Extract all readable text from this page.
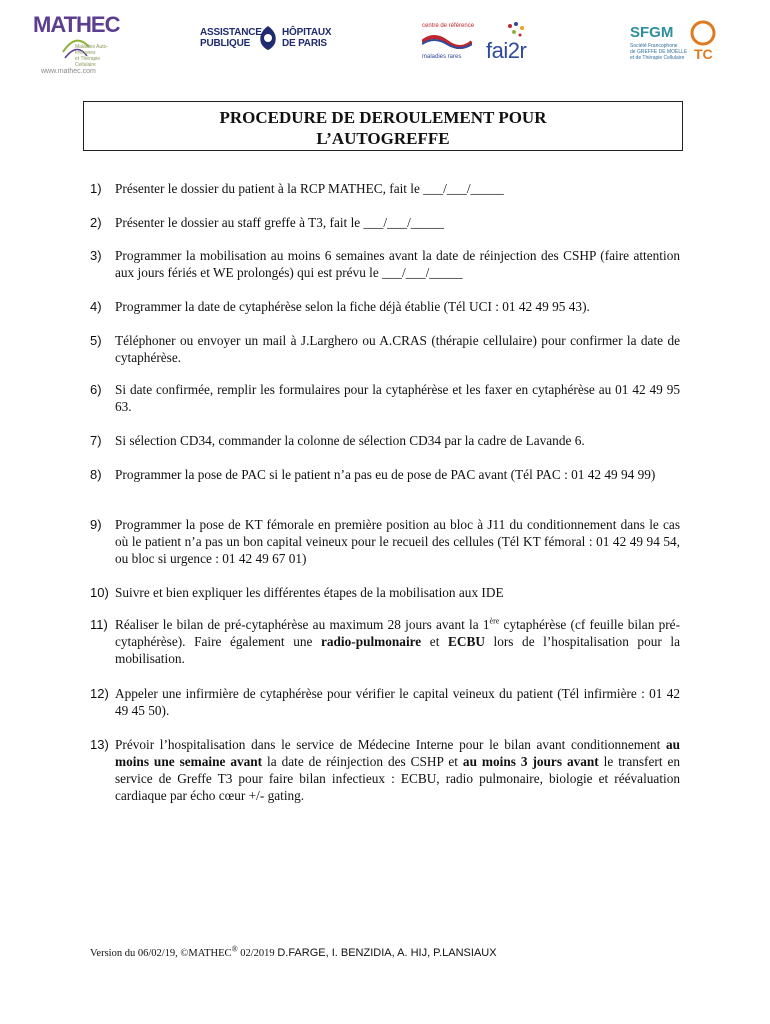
MATHEC
Maladies Auto-Immunes
et Thérapie Cellulaire
www.mathec.com
ASSISTANCE
PUBLIQUE
HÔPITAUX
DE PARIS
centre de référence
maladies rares fai2r
SFGM
TC
Société Francophone
de GREFFE DE MOELLE
et de Thérapie Cellulaire
PROCEDURE DE DEROULEMENT POUR
L’AUTOGREFFE
1) Présenter le dossier du patient à la RCP MATHEC, fait le ___/___/_____
2) Présenter le dossier au staff greffe à T3, fait le ___/___/_____
3) Programmer la mobilisation au moins 6 semaines avant la date de réinjection des CSHP (faire attention aux jours fériés et WE prolongés) qui est prévu le ___/___/_____
4) Programmer la date de cytaphérèse selon la fiche déjà établie (Tél UCI : 01 42 49 95 43).
5) Téléphoner ou envoyer un mail à J.Larghero ou A.CRAS (thérapie cellulaire) pour confirmer la date de cytaphérèse.
6) Si date confirmée, remplir les formulaires pour la cytaphérèse et les faxer en cytaphérèse au 01 42 49 95 63.
7) Si sélection CD34, commander la colonne de sélection CD34 par la cadre de Lavande 6.
8) Programmer la pose de PAC si le patient n’a pas eu de pose de PAC avant (Tél PAC : 01 42 49 94 99)
9) Programmer la pose de KT fémorale en première position au bloc à J11 du conditionnement dans le cas où le patient n’a pas un bon capital veineux pour le recueil des cellules (Tél KT fémoral : 01 42 49 94 54, ou bloc si urgence : 01 42 49 67 01)
10) Suivre et bien expliquer les différentes étapes de la mobilisation aux IDE
11) Réaliser le bilan de pré-cytaphérèse au maximum 28 jours avant la 1ère cytaphérèse (cf feuille bilan pré-cytaphérèse). Faire également une radio-pulmonaire et ECBU lors de l’hospitalisation pour la mobilisation.
12) Appeler une infirmière de cytaphérèse pour vérifier le capital veineux du patient (Tél infirmière : 01 42 49 45 50).
13) Prévoir l’hospitalisation dans le service de Médecine Interne pour le bilan avant conditionnement au moins une semaine avant la date de réinjection des CSHP et au moins 3 jours avant le transfert en service de Greffe T3 pour faire bilan infectieux : ECBU, radio pulmonaire, biologie et réévaluation cardiaque par écho cœur +/- gating.
Version du 06/02/19, ©MATHEC® 02/2019 D.FARGE, I. BENZIDIA, A. HIJ, P.LANSIAUX
